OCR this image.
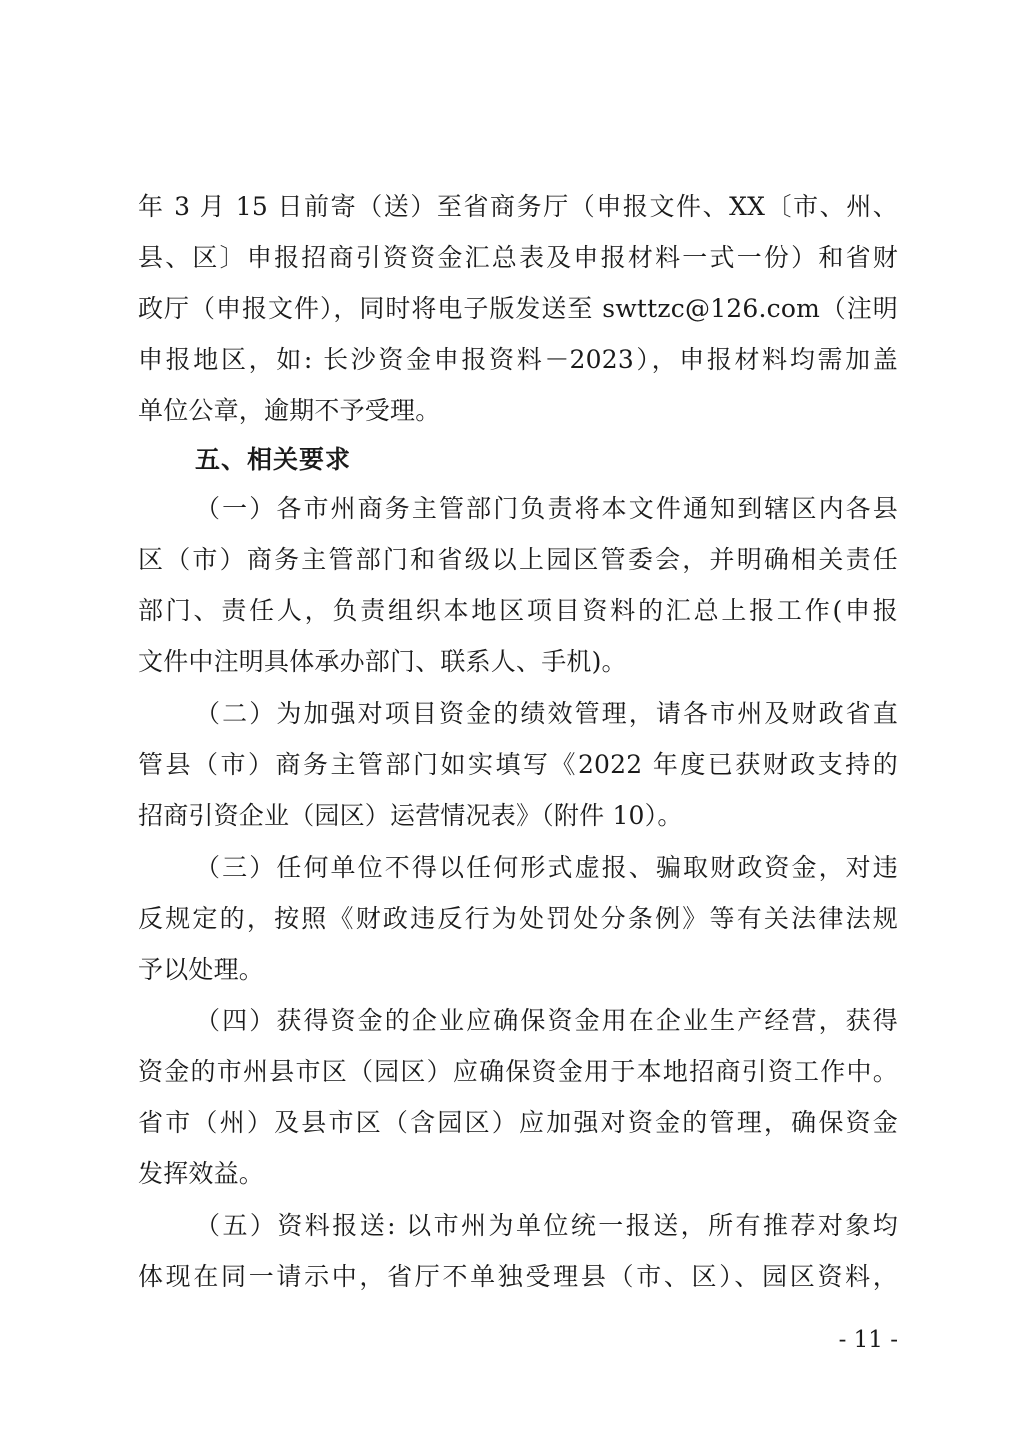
年 3 月 15 日前寄（送）至省商务厅（申报文件、XX〔市、州、
县、区〕申报招商引资资金汇总表及申报材料一式一份）和省财
政厅（申报文件），同时将电子版发送至 swttzc@126.com（注明
申报地区，如: 长沙资金申报资料－2023），申报材料均需加盖
单位公章，逾期不予受理。
五、相关要求
（一）各市州商务主管部门负责将本文件通知到辖区内各县
区（市）商务主管部门和省级以上园区管委会，并明确相关责任
部门、责任人，负责组织本地区项目资料的汇总上报工作(申报
文件中注明具体承办部门、联系人、手机)。
（二）为加强对项目资金的绩效管理，请各市州及财政省直
管县（市）商务主管部门如实填写《2022 年度已获财政支持的
招商引资企业（园区）运营情况表》（附件 10）。
（三）任何单位不得以任何形式虚报、骗取财政资金，对违
反规定的，按照《财政违反行为处罚处分条例》等有关法律法规
予以处理。
（四）获得资金的企业应确保资金用在企业生产经营，获得
资金的市州县市区（园区）应确保资金用于本地招商引资工作中。
省市（州）及县市区（含园区）应加强对资金的管理，确保资金
发挥效益。
（五）资料报送: 以市州为单位统一报送，所有推荐对象均
体现在同一请示中，省厅不单独受理县（市、区）、园区资料，
- 11 -
